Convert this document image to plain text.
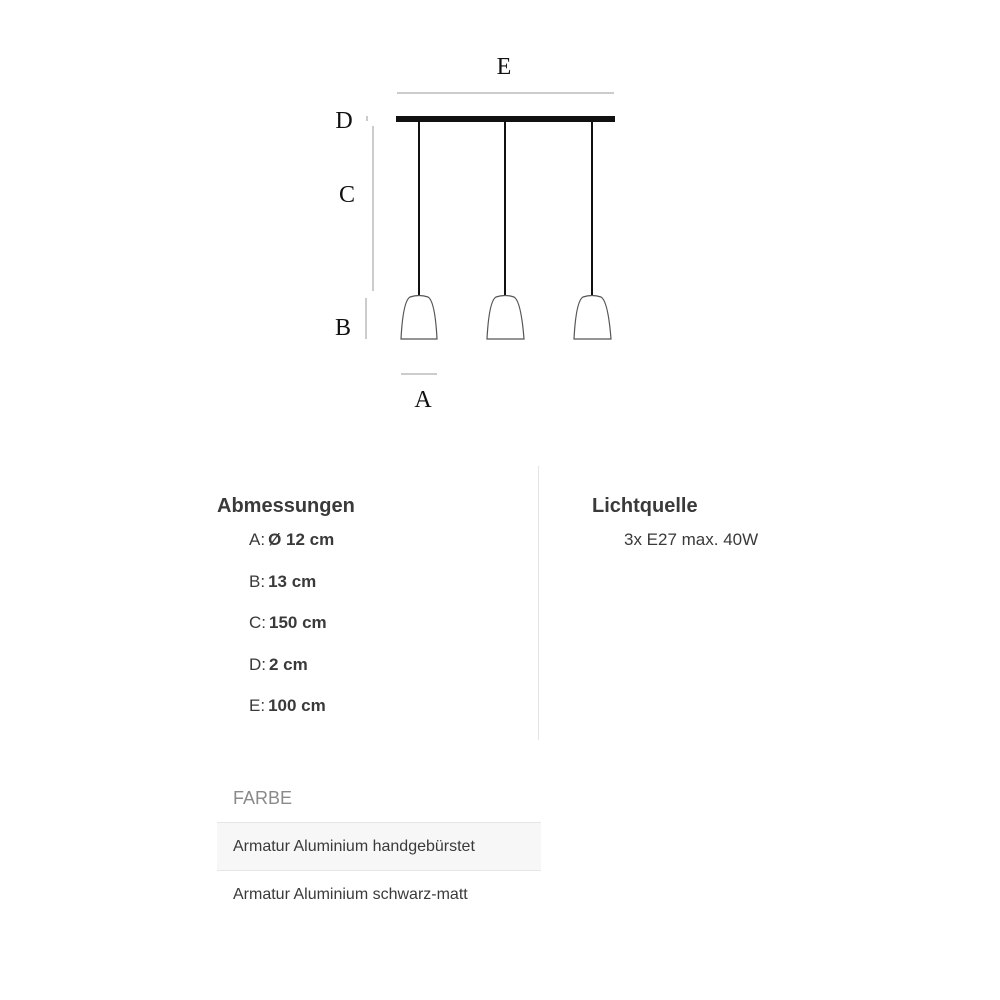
E
D
C
B
A
Abmessungen
A: Ø 12 cm
B: 13 cm
C: 150 cm
D: 2 cm
E: 100 cm
Lichtquelle
3x E27 max. 40W
FARBE
Armatur Aluminium handgebürstet
Armatur Aluminium schwarz-matt
